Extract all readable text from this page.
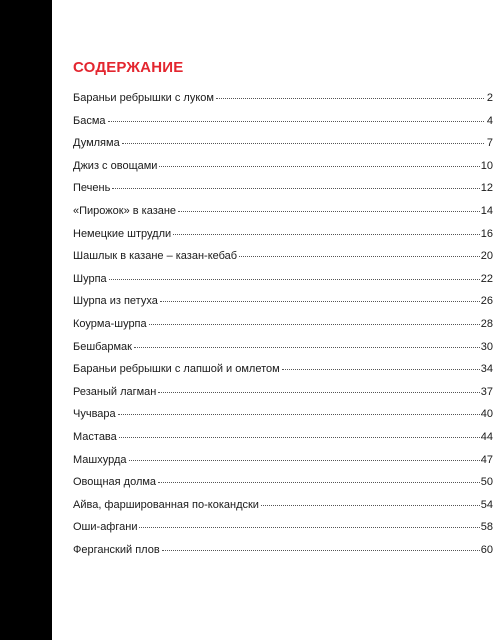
СОДЕРЖАНИЕ
Бараньи ребрышки с луком	2
Басма	4
Думляма	7
Джиз с овощами	10
Печень	12
«Пирожок» в казане	14
Немецкие штрудли	16
Шашлык в казане – казан-кебаб	20
Шурпа	22
Шурпа из петуха	26
Коурма-шурпа	28
Бешбармак	30
Бараньи ребрышки с лапшой и омлетом	34
Резаный лагман	37
Чучвара	40
Мастава	44
Машхурда	47
Овощная долма	50
Айва, фаршированная по-кокандски	54
Оши-афгани	58
Ферганский плов	60
